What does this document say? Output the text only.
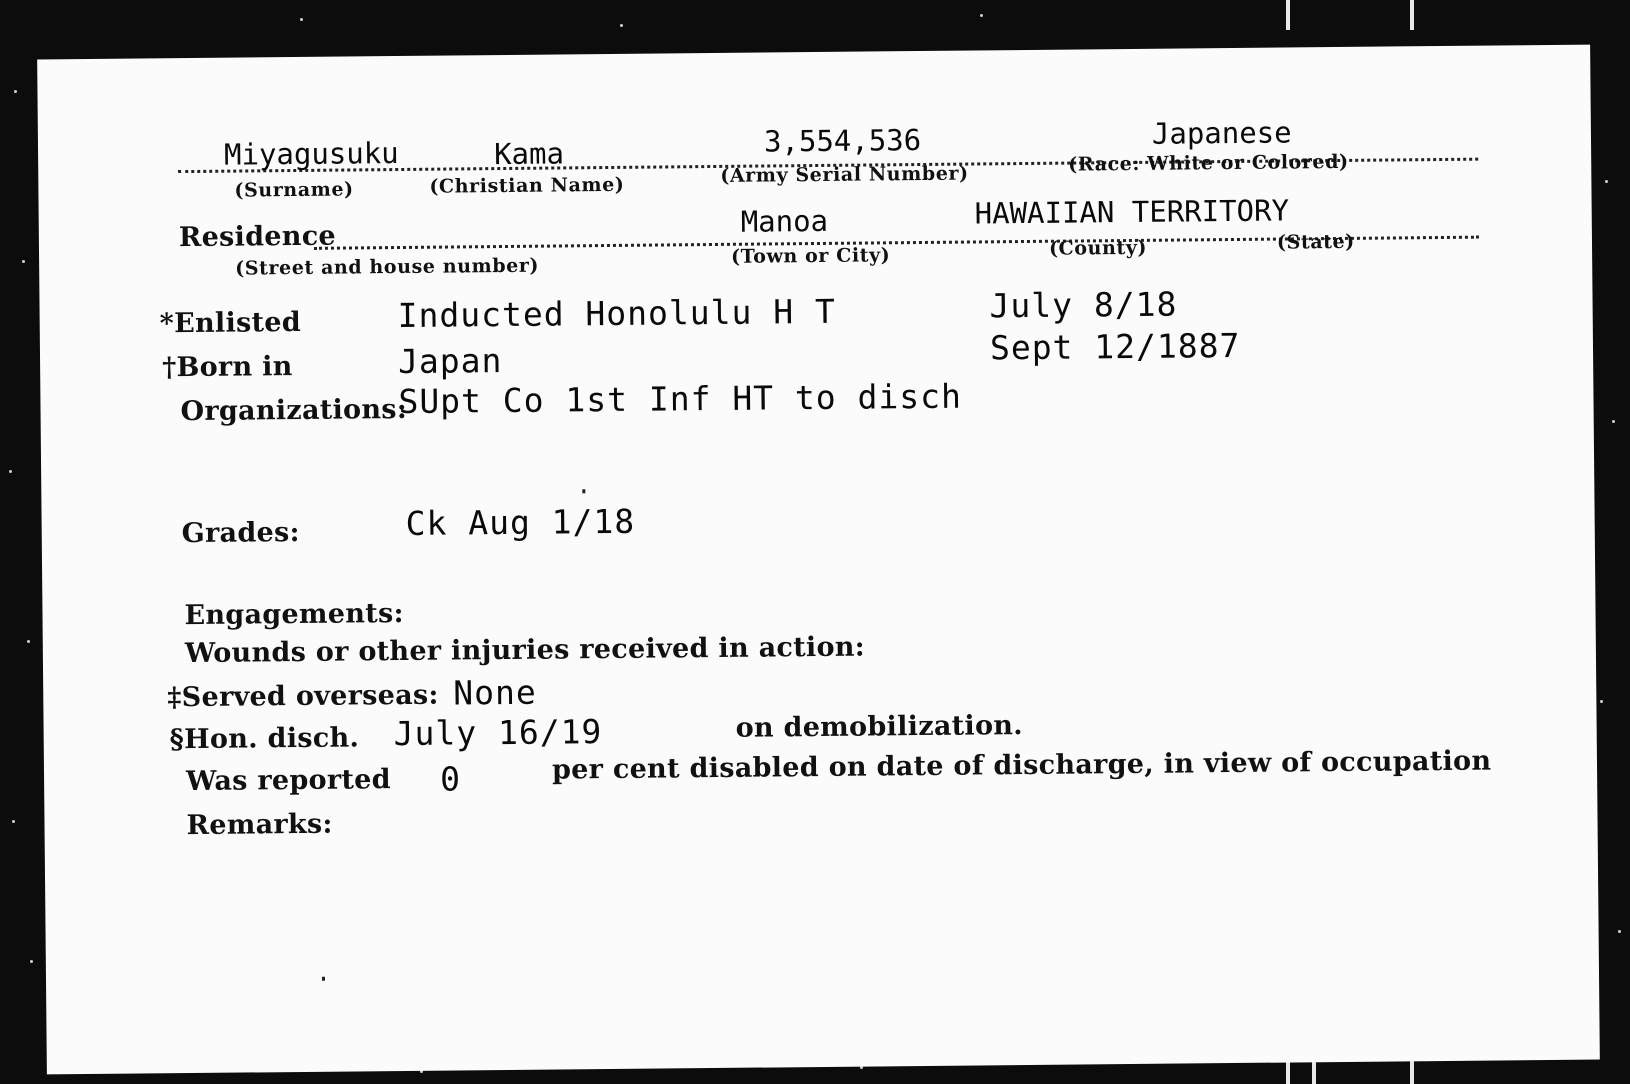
Miyagusuku	Kama	3,554,536	Japanese
(Surname)	(Christian Name)	(Army Serial Number)	(Race: White or Colored)
Residence	Manoa	HAWAIIAN TERRITORY
(Street and house number)	(Town or City)	(County)	(State)
*Enlisted	Inducted Honolulu H T	July 8/18
†Born in	Japan	Sept 12/1887
Organizations:
SUpt Co 1st Inf HT to disch
Grades:	Ck Aug 1/18
Engagements:
Wounds or other injuries received in action:
‡Served overseas: None
§Hon. disch. July 16/19	on demobilization.
Was reported 0	per cent disabled on date of discharge, in view of occupation
Remarks:
